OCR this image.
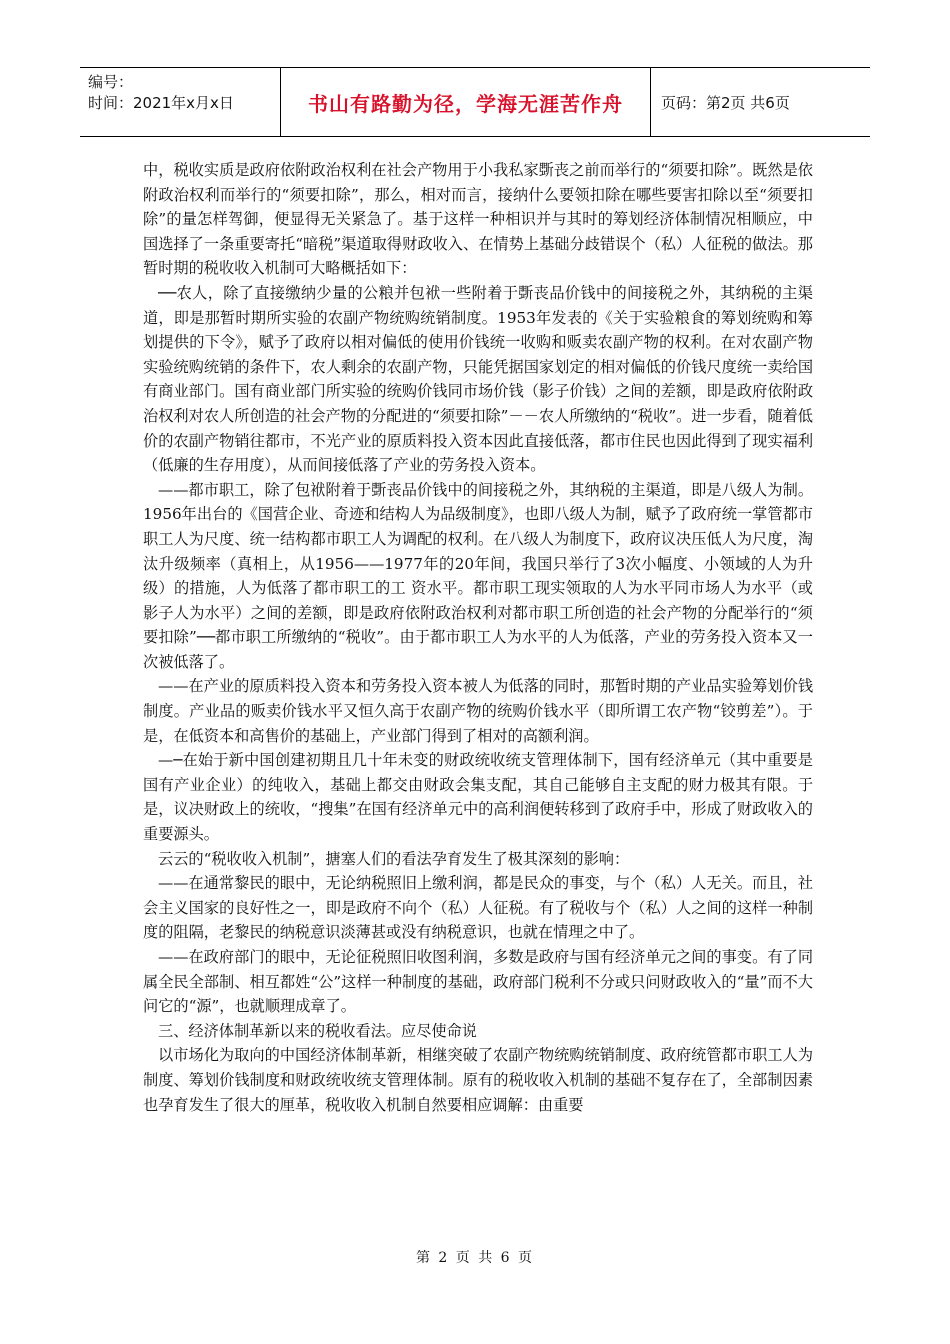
编号：
时间：2021年x月x日	书山有路勤为径，学海无涯苦作舟	页码：第2页 共6页

中，税收实质是政府依附政治权利在社会产物用于小我私家斲丧之前而举行的“须要扣除”。既然是依附政治权利而举行的“须要扣除”，那么，相对而言，接纳什么要领扣除在哪些要害扣除以至“须要扣除”的量怎样驾御，便显得无关紧急了。基于这样一种相识并与其时的筹划经济体制情况相顺应，中国选择了一条重要寄托“暗税”渠道取得财政收入、在情势上基础分歧错误个（私）人征税的做法。那暂时期的税收收入机制可大略概括如下：

──农人，除了直接缴纳少量的公粮并包袱一些附着于斲丧品价钱中的间接税之外，其纳税的主渠道，即是那暂时期所实验的农副产物统购统销制度。1953年发表的《关于实验粮食的筹划统购和筹划提供的下令》，赋予了政府以相对偏低的使用价钱统一收购和贩卖农副产物的权利。在对农副产物实验统购统销的条件下，农人剩余的农副产物，只能凭据国家划定的相对偏低的价钱尺度统一卖给国有商业部门。国有商业部门所实验的统购价钱同市场价钱（影子价钱）之间的差额，即是政府依附政治权利对农人所创造的社会产物的分配进的“须要扣除”－－农人所缴纳的“税收”。进一步看，随着低价的农副产物销往都市，不光产业的原质料投入资本因此直接低落，都市住民也因此得到了现实福利（低廉的生存用度），从而间接低落了产业的劳务投入资本。

——都市职工，除了包袱附着于斲丧品价钱中的间接税之外，其纳税的主渠道，即是八级人为制。1956年出台的《国营企业、奇迹和结构人为品级制度》，也即八级人为制，赋予了政府统一掌管都市职工人为尺度、统一结构都市职工人为调配的权利。在八级人为制度下，政府议决压低人为尺度，淘汰升级频率（真相上，从1956——1977年的20年间，我国只举行了3次小幅度、小领域的人为升级）的措施，人为低落了都市职工的工 资水平。都市职工现实领取的人为水平同市场人为水平（或影子人为水平）之间的差额，即是政府依附政治权利对都市职工所创造的社会产物的分配举行的“须要扣除”──都市职工所缴纳的“税收”。由于都市职工人为水平的人为低落，产业的劳务投入资本又一次被低落了。

——在产业的原质料投入资本和劳务投入资本被人为低落的同时，那暂时期的产业品实验筹划价钱制度。产业品的贩卖价钱水平又恒久高于农副产物的统购价钱水平（即所谓工农产物“铰剪差”）。于是，在低资本和高售价的基础上，产业部门得到了相对的高额利润。

—─在始于新中国创建初期且几十年未变的财政统收统支管理体制下，国有经济单元（其中重要是国有产业企业）的纯收入，基础上都交由财政会集支配，其自己能够自主支配的财力极其有限。于是，议决财政上的统收，“搜集”在国有经济单元中的高利润便转移到了政府手中，形成了财政收入的重要源头。

云云的“税收收入机制”，搪塞人们的看法孕育发生了极其深刻的影响：

——在通常黎民的眼中，无论纳税照旧上缴利润，都是民众的事变，与个（私）人无关。而且，社会主义国家的良好性之一，即是政府不向个（私）人征税。有了税收与个（私）人之间的这样一种制度的阻隔，老黎民的纳税意识淡薄甚或没有纳税意识，也就在情理之中了。

——在政府部门的眼中，无论征税照旧收图利润，多数是政府与国有经济单元之间的事变。有了同属全民全部制、相互都姓“公”这样一种制度的基础，政府部门税利不分或只问财政收入的“量”而不大问它的“源”，也就顺理成章了。

三、经济体制革新以来的税收看法。应尽使命说

以市场化为取向的中国经济体制革新，相继突破了农副产物统购统销制度、政府统管都市职工人为制度、筹划价钱制度和财政统收统支管理体制。原有的税收收入机制的基础不复存在了，全部制因素也孕育发生了很大的厘革，税收收入机制自然要相应调解：由重要

第 2 页 共 6 页
